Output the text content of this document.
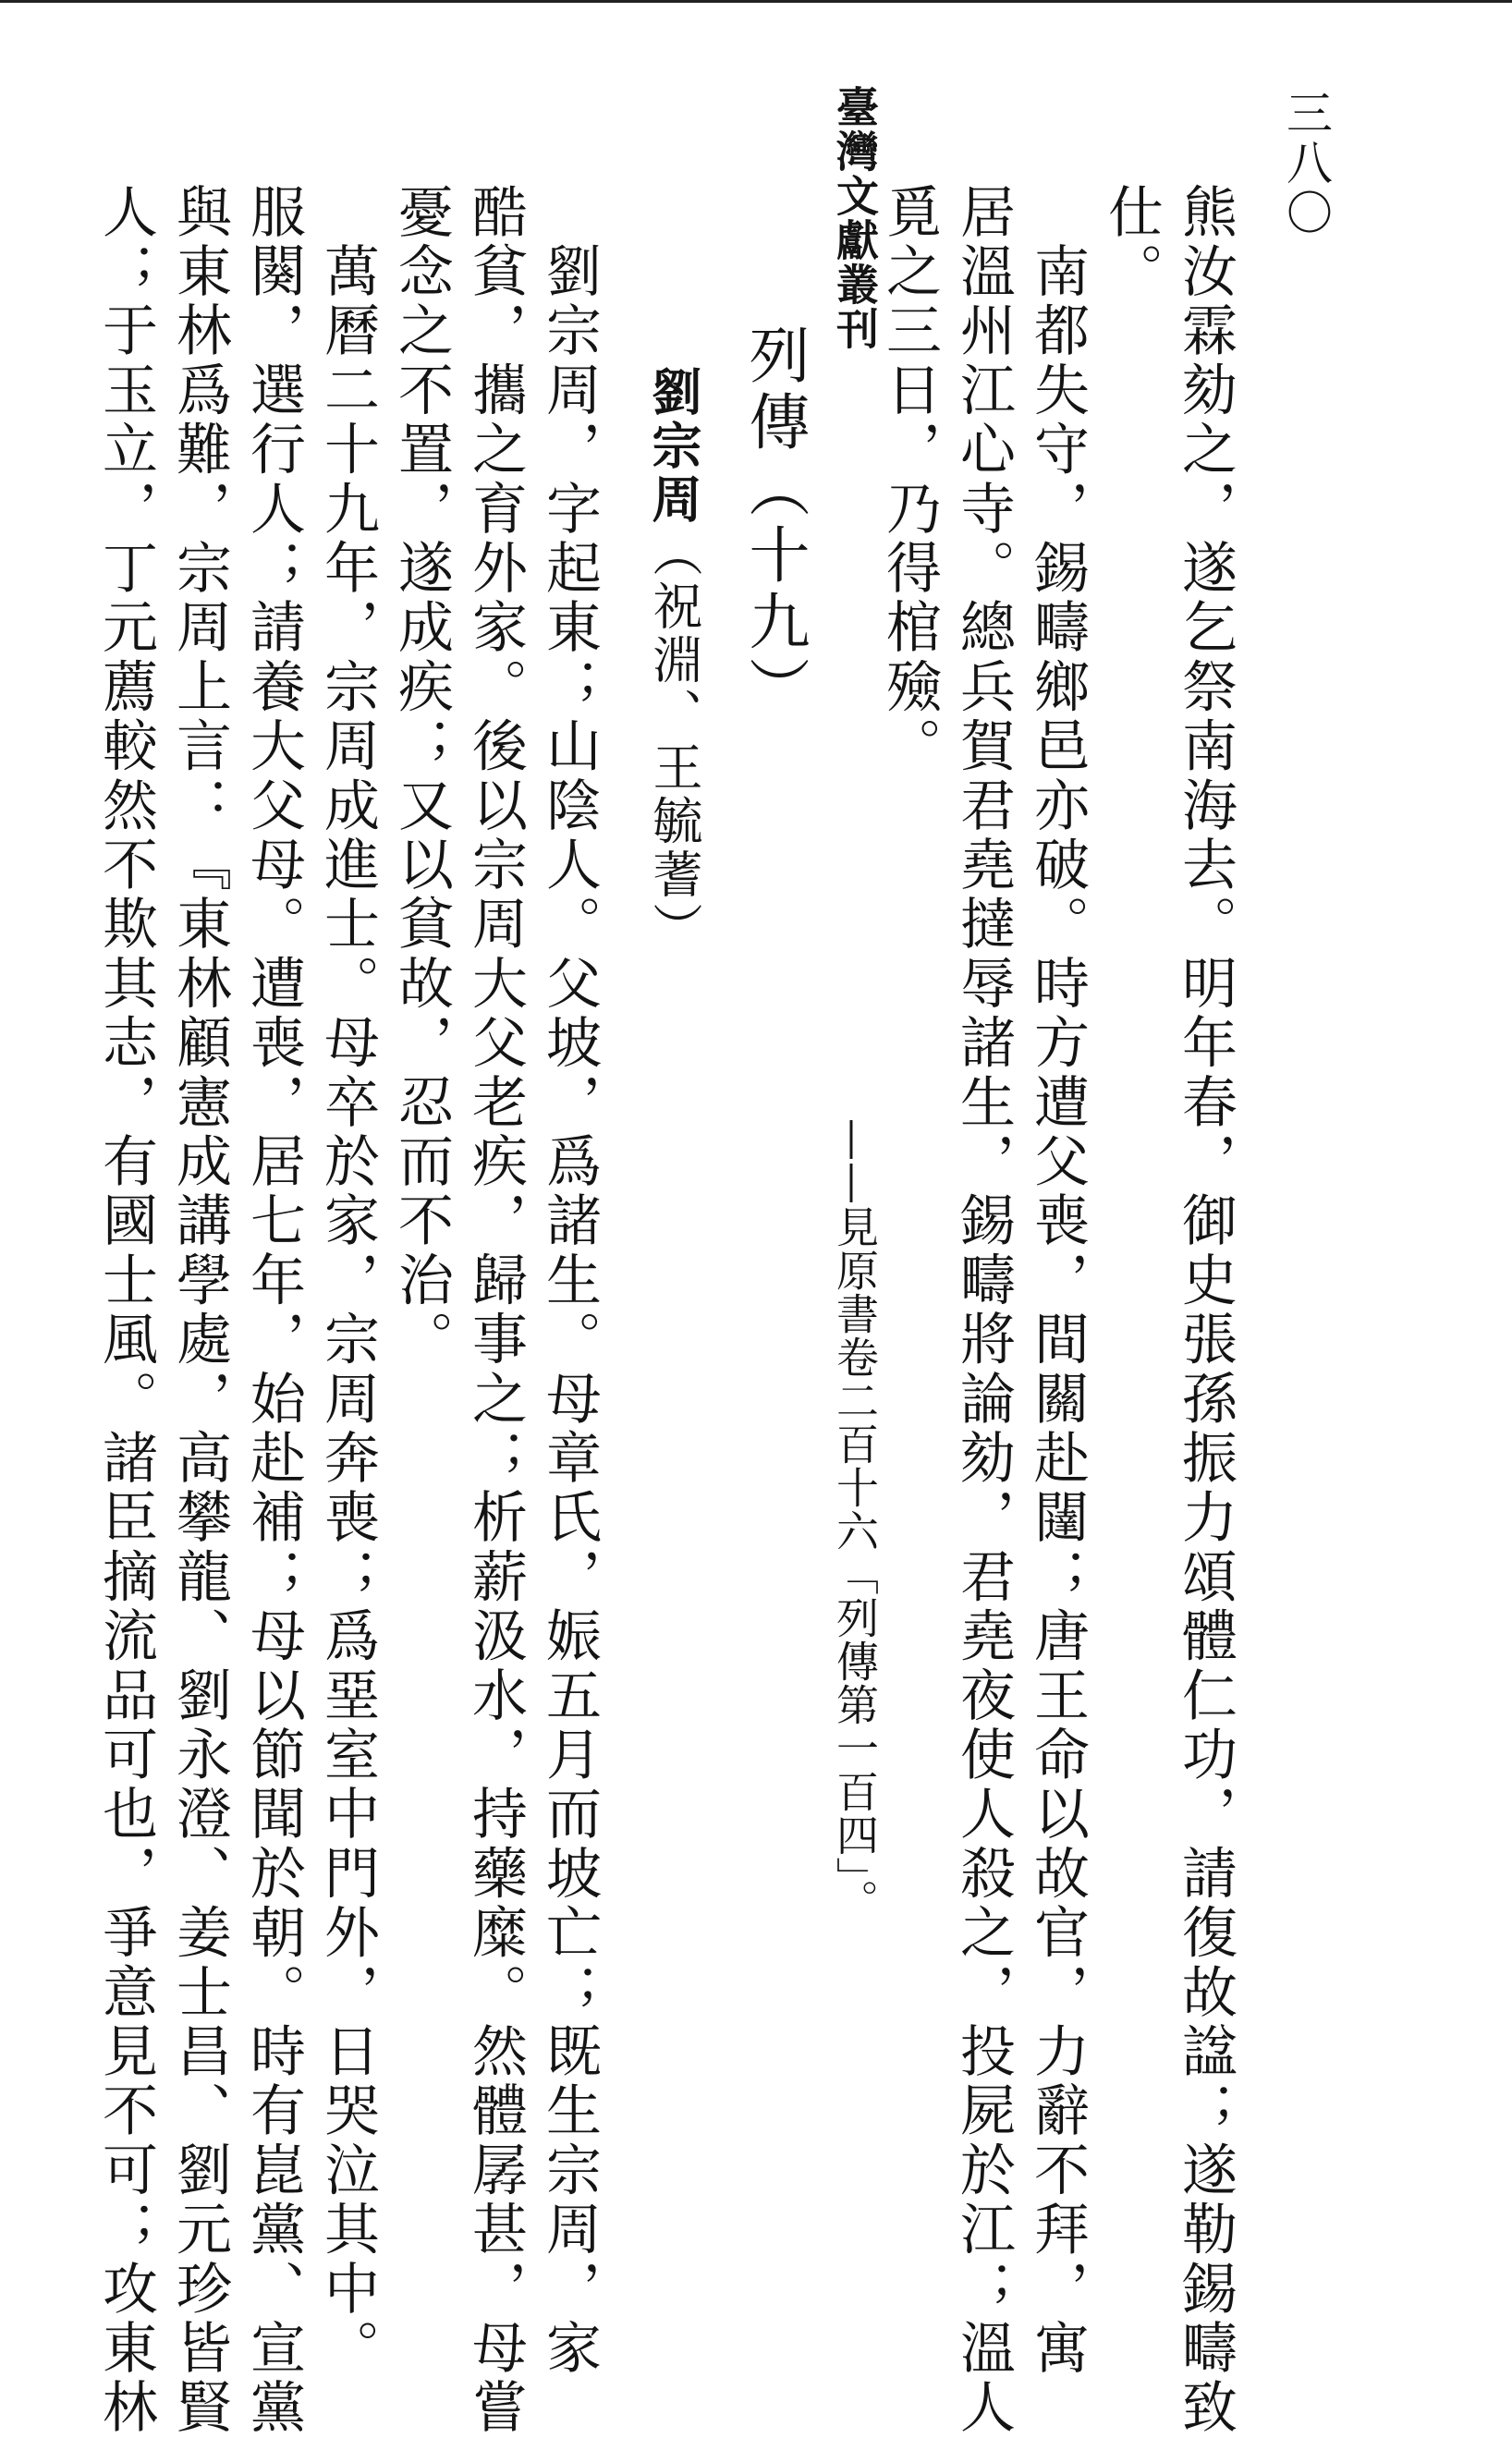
臺灣文獻叢刊	三八〇
熊汝霖劾之，遂乞祭南海去。明年春，御史張孫振力頌體仁功，請復故諡；遂勒錫疇致
仕。
　南都失守，錫疇鄉邑亦破。時方遭父喪，間關赴闥；唐王命以故官，力辭不拜，寓
居溫州江心寺。總兵賀君堯撻辱諸生，錫疇將論劾，君堯夜使人殺之，投屍於江；溫人
覓之三日，乃得棺殮。
——見原書卷二百十六「列傳第一百四」。
列傳（十九）
劉宗周（祝淵、王毓蓍）
　劉宗周，字起東；山陰人。父坡，爲諸生。母章氏，娠五月而坡亡；既生宗周，家
酷貧，攜之育外家。後以宗周大父老疾，歸事之；析薪汲水，持藥糜。然體孱甚，母嘗
憂念之不置，遂成疾；又以貧故，忍而不治。
　萬曆二十九年，宗周成進士。母卒於家，宗周奔喪；爲堊室中門外，日哭泣其中。
服闋，選行人；請養大父母。遭喪，居七年，始赴補；母以節聞於朝。時有崑黨、宣黨
與東林爲難，宗周上言：『東林顧憲成講學處，高攀龍、劉永澄、姜士昌、劉元珍皆賢
人；于玉立，丁元薦較然不欺其志，有國士風。諸臣摘流品可也，爭意見不可；攻東林
